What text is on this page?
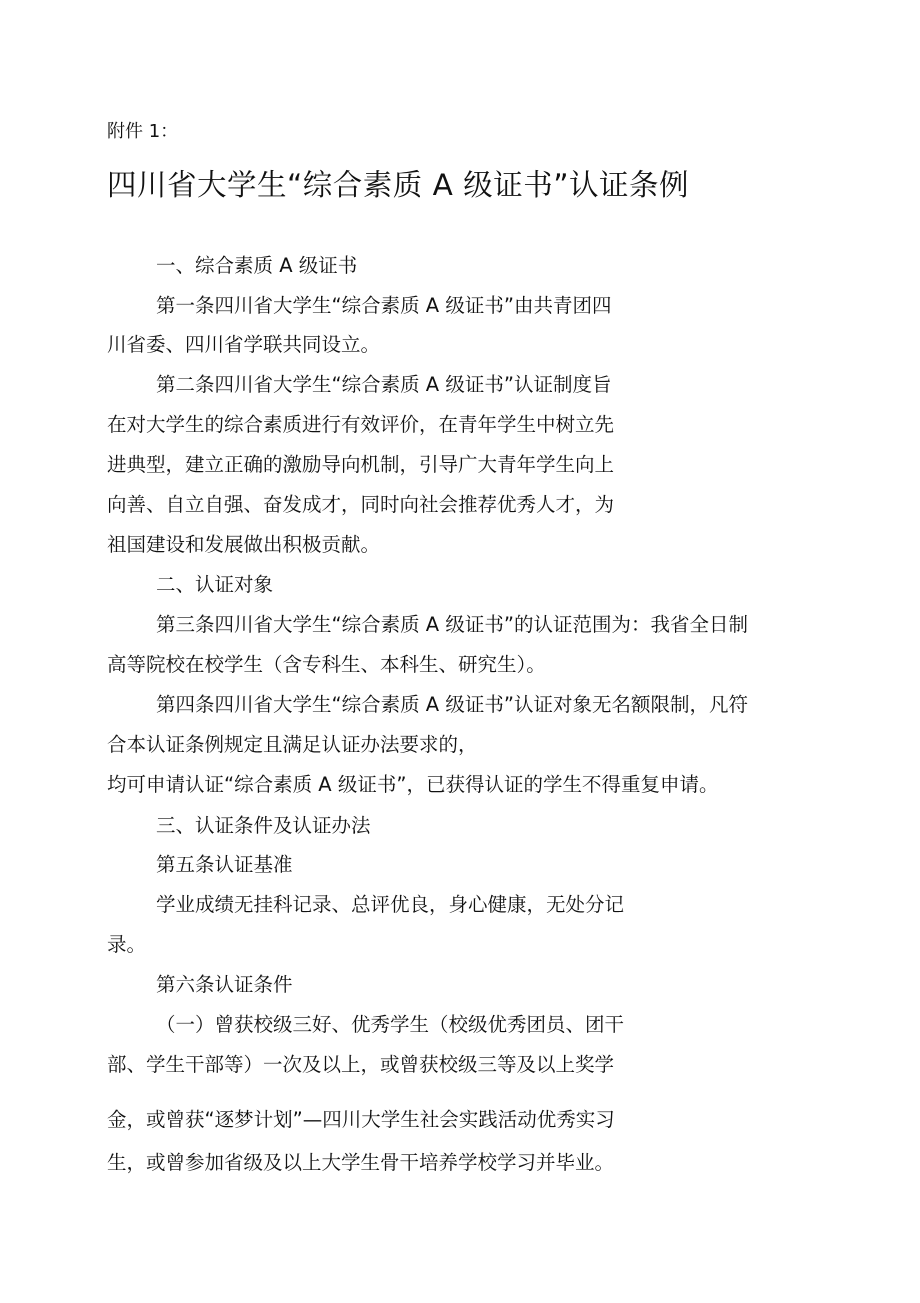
附件 1：
四川省大学生“综合素质 A 级证书”认证条例
一、综合素质 A 级证书
第一条四川省大学生“综合素质 A 级证书”由共青团四
川省委、四川省学联共同设立。
第二条四川省大学生“综合素质 A 级证书”认证制度旨
在对大学生的综合素质进行有效评价，在青年学生中树立先
进典型，建立正确的激励导向机制，引导广大青年学生向上
向善、自立自强、奋发成才，同时向社会推荐优秀人才，为
祖国建设和发展做出积极贡献。
二、认证对象
第三条四川省大学生“综合素质 A 级证书”的认证范围为：我省全日制
高等院校在校学生（含专科生、本科生、研究生）。
第四条四川省大学生“综合素质 A 级证书”认证对象无名额限制，凡符
合本认证条例规定且满足认证办法要求的，
均可申请认证“综合素质 A 级证书”，已获得认证的学生不得重复申请。
三、认证条件及认证办法
第五条认证基准
学业成绩无挂科记录、总评优良，身心健康，无处分记
录。
第六条认证条件
（一）曾获校级三好、优秀学生（校级优秀团员、团干
部、学生干部等）一次及以上，或曾获校级三等及以上奖学
金，或曾获“逐梦计划”—四川大学生社会实践活动优秀实习
生，或曾参加省级及以上大学生骨干培养学校学习并毕业。
